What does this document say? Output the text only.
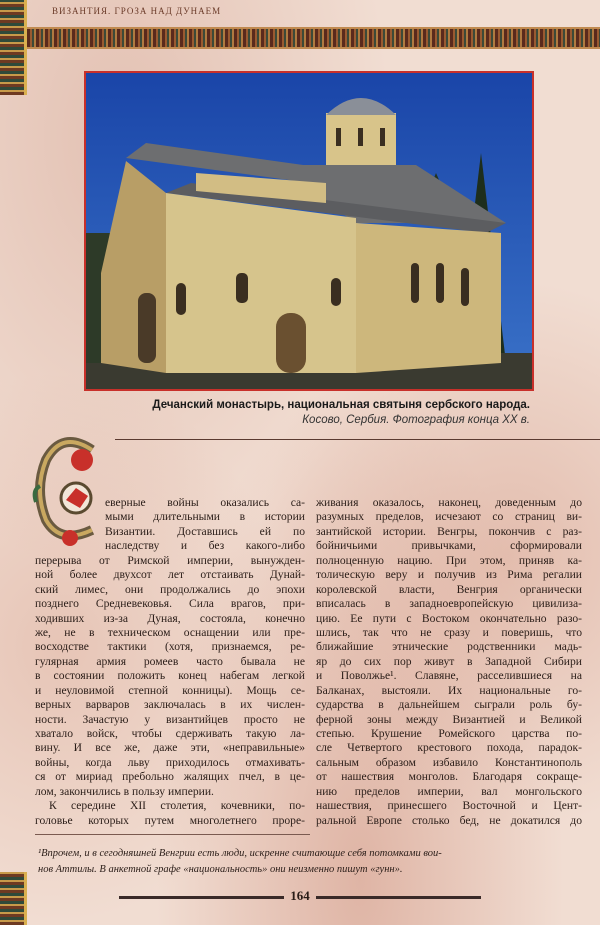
ВИЗАНТИЯ. ГРОЗА НАД ДУНАЕМ
Дечанский монастырь, национальная святыня сербского народа.
Косово, Сербия. Фотография конца XX в.
еверные войны оказались са-
мыми длительными в истории
Византии. Доставшись ей по
наследству и без какого-либо
перерыва от Римской империи, вынужден-
ной более двухсот лет отстаивать Дунай-
ский лимес, они продолжались до эпохи
позднего Средневековья. Сила врагов, при-
ходивших из-за Дуная, состояла, конечно
же, не в техническом оснащении или пре-
восходстве тактики (хотя, признаемся, ре-
гулярная армия ромеев часто бывала не
в состоянии положить конец набегам легкой
и неуловимой степной конницы). Мощь се-
верных варваров заключалась в их числен-
ности. Зачастую у византийцев просто не
хватало войск, чтобы сдерживать такую ла-
вину. И все же, даже эти, «неправильные»
войны, когда льву приходилось отмахивать-
ся от мириад пребольно жалящих пчел, в це-
лом, закончились в пользу империи.
К середине XII столетия, кочевники, по-
головье которых путем многолетнего проре-
живания оказалось, наконец, доведенным до
разумных пределов, исчезают со страниц ви-
зантийской истории. Венгры, покончив с раз-
бойничьими привычками, сформировали
полноценную нацию. При этом, приняв ка-
толическую веру и получив из Рима регалии
королевской власти, Венгрия органически
вписалась в западноевропейскую цивилиза-
цию. Ее пути с Востоком окончательно разо-
шлись, так что не сразу и поверишь, что
ближайшие этнические родственники мадь-
яр до сих пор живут в Западной Сибири
и Поволжье¹. Славяне, расселившиеся на
Балканах, выстояли. Их национальные го-
сударства в дальнейшем сыграли роль бу-
ферной зоны между Византией и Великой
степью. Крушение Ромейского царства по-
сле Четвертого крестового похода, парадок-
сальным образом избавило Константинополь
от нашествия монголов. Благодаря сокраще-
нию пределов империи, вал монгольского
нашествия, принесшего Восточной и Цент-
ральной Европе столько бед, не докатился до
¹Впрочем, и в сегодняшней Венгрии есть люди, искренне считающие себя потомками вои-
нов Аттилы. В анкетной графе «национальность» они неизменно пишут «гунн».
164
